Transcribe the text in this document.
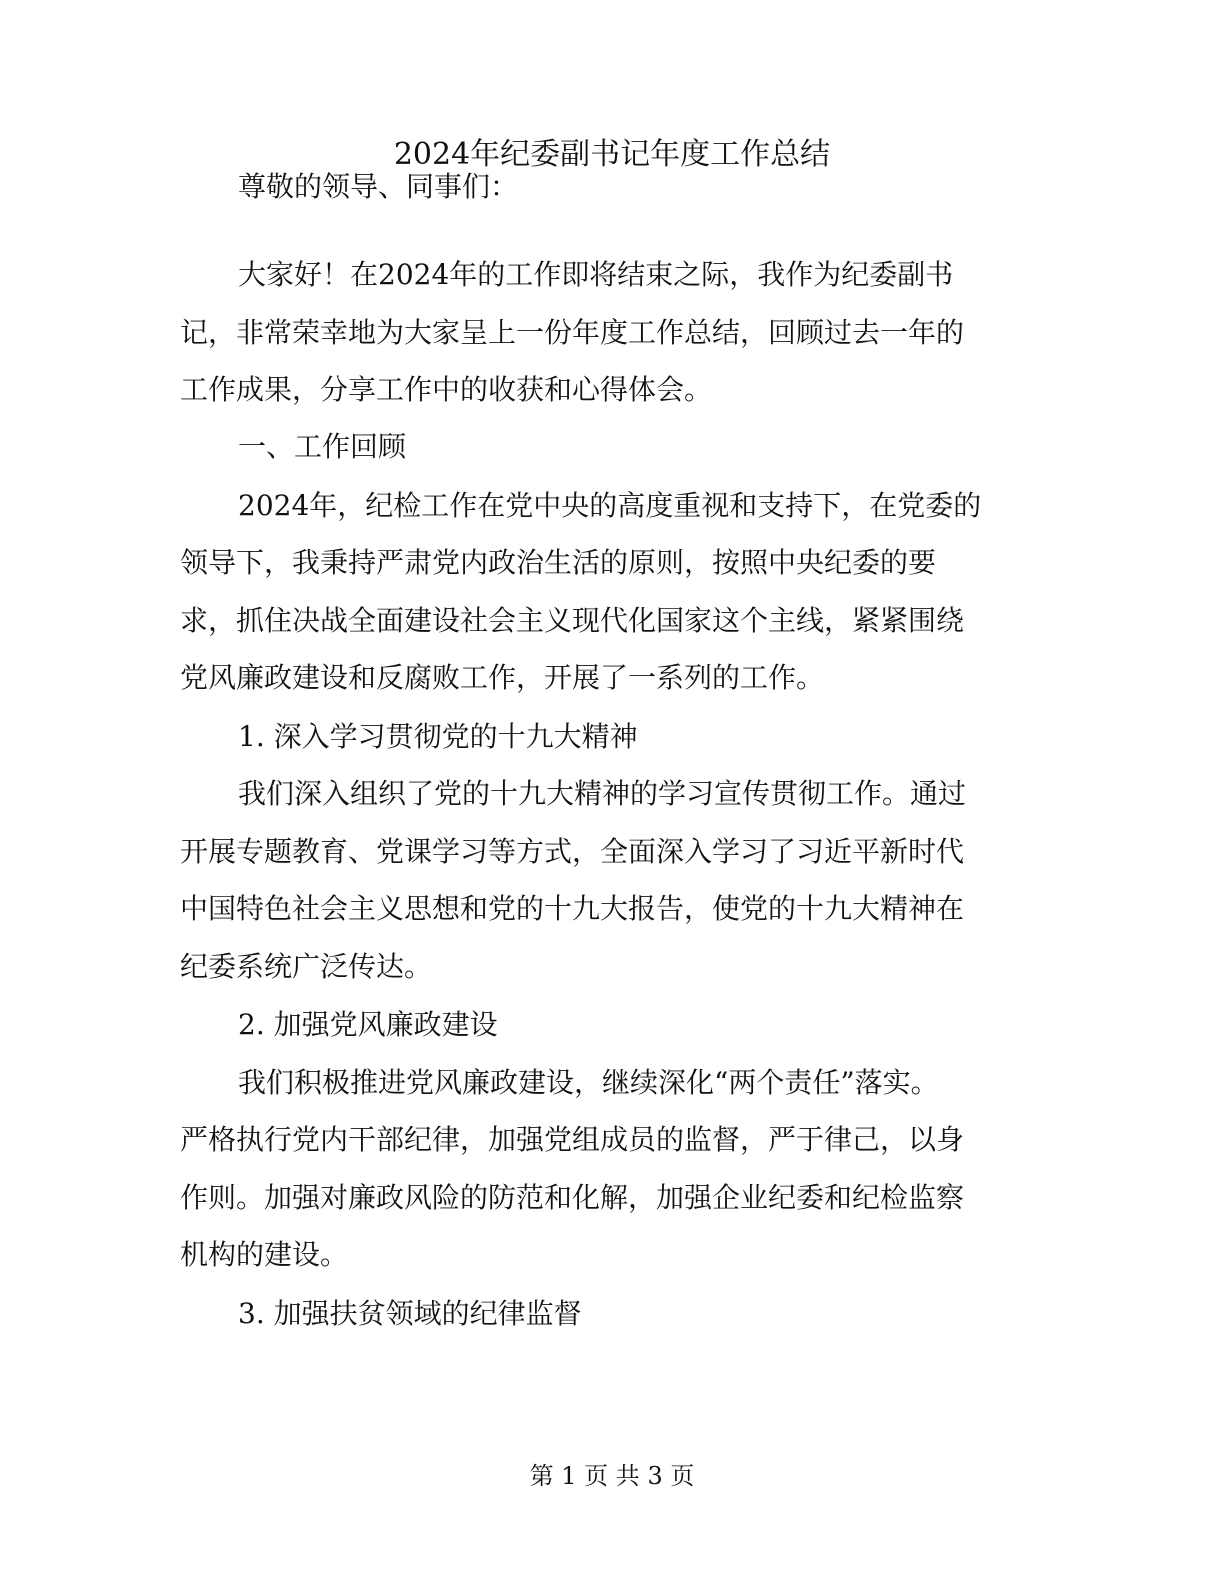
2024年纪委副书记年度工作总结
尊敬的领导、同事们：
大家好！在2024年的工作即将结束之际，我作为纪委副书
记，非常荣幸地为大家呈上一份年度工作总结，回顾过去一年的
工作成果，分享工作中的收获和心得体会。
一、工作回顾
2024年，纪检工作在党中央的高度重视和支持下，在党委的
领导下，我秉持严肃党内政治生活的原则，按照中央纪委的要
求，抓住决战全面建设社会主义现代化国家这个主线，紧紧围绕
党风廉政建设和反腐败工作，开展了一系列的工作。
1. 深入学习贯彻党的十九大精神
我们深入组织了党的十九大精神的学习宣传贯彻工作。通过
开展专题教育、党课学习等方式，全面深入学习了习近平新时代
中国特色社会主义思想和党的十九大报告，使党的十九大精神在
纪委系统广泛传达。
2. 加强党风廉政建设
我们积极推进党风廉政建设，继续深化“两个责任”落实。
严格执行党内干部纪律，加强党组成员的监督，严于律己，以身
作则。加强对廉政风险的防范和化解，加强企业纪委和纪检监察
机构的建设。
3. 加强扶贫领域的纪律监督
第 1 页 共 3 页
